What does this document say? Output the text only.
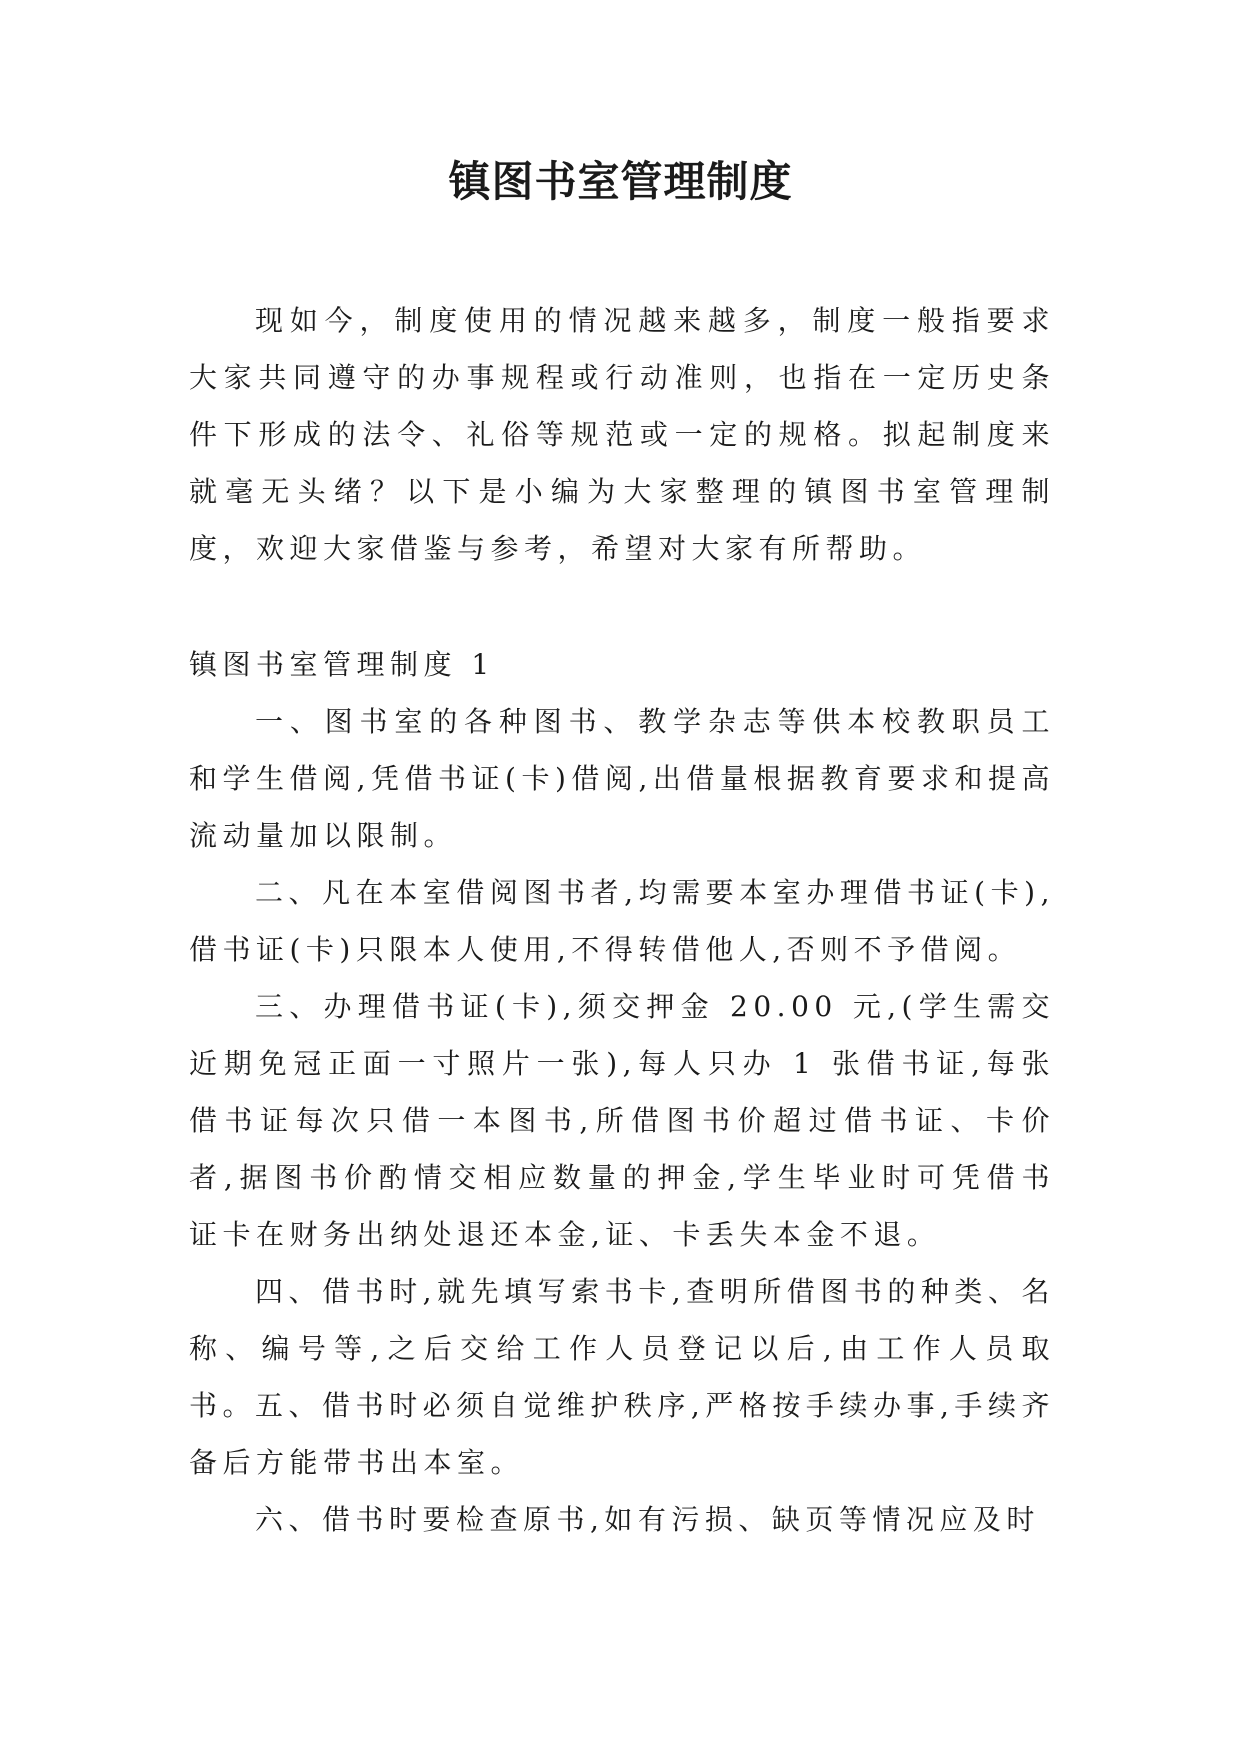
镇图书室管理制度

现如今，制度使用的情况越来越多，制度一般指要求大家共同遵守的办事规程或行动准则，也指在一定历史条件下形成的法令、礼俗等规范或一定的规格。拟起制度来就毫无头绪？以下是小编为大家整理的镇图书室管理制度，欢迎大家借鉴与参考，希望对大家有所帮助。

镇图书室管理制度 1

一、图书室的各种图书、教学杂志等供本校教职员工和学生借阅,凭借书证(卡)借阅,出借量根据教育要求和提高流动量加以限制。

二、凡在本室借阅图书者,均需要本室办理借书证(卡),借书证(卡)只限本人使用,不得转借他人,否则不予借阅。

三、办理借书证(卡),须交押金 20.00 元,(学生需交近期免冠正面一寸照片一张),每人只办 1 张借书证,每张借书证每次只借一本图书,所借图书价超过借书证、卡价者,据图书价酌情交相应数量的押金,学生毕业时可凭借书证卡在财务出纳处退还本金,证、卡丢失本金不退。

四、借书时,就先填写索书卡,查明所借图书的种类、名称、编号等,之后交给工作人员登记以后,由工作人员取书。

五、借书时必须自觉维护秩序,严格按手续办事,手续齐备后方能带书出本室。

六、借书时要检查原书,如有污损、缺页等情况应及时
